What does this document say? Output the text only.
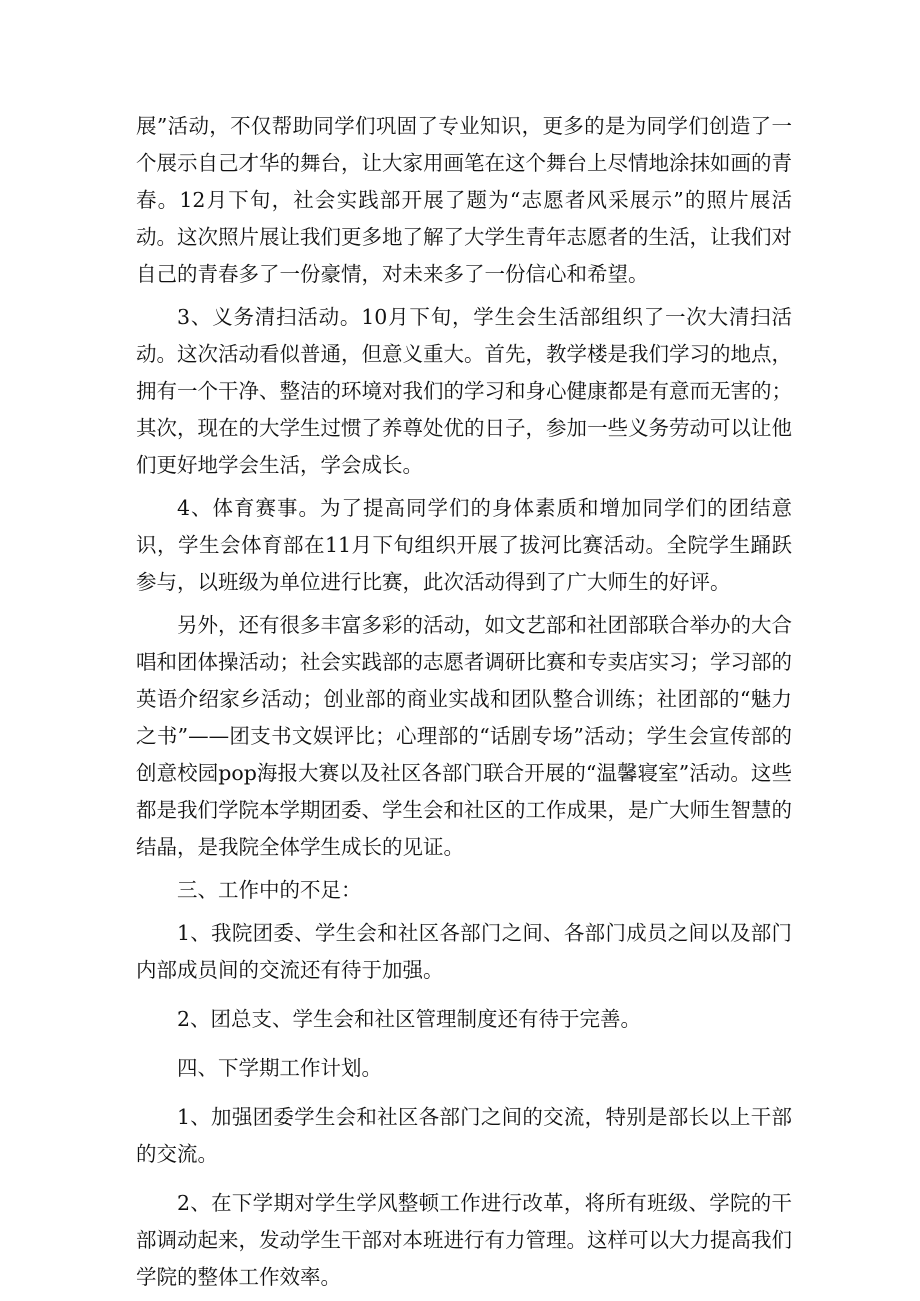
展”活动，不仅帮助同学们巩固了专业知识，更多的是为同学们创造了一个展示自己才华的舞台，让大家用画笔在这个舞台上尽情地涂抹如画的青春。12月下旬，社会实践部开展了题为“志愿者风采展示”的照片展活动。这次照片展让我们更多地了解了大学生青年志愿者的生活，让我们对自己的青春多了一份豪情，对未来多了一份信心和希望。

3、义务清扫活动。10月下旬，学生会生活部组织了一次大清扫活动。这次活动看似普通，但意义重大。首先，教学楼是我们学习的地点，拥有一个干净、整洁的环境对我们的学习和身心健康都是有意而无害的；其次，现在的大学生过惯了养尊处优的日子，参加一些义务劳动可以让他们更好地学会生活，学会成长。

4、体育赛事。为了提高同学们的身体素质和增加同学们的团结意识，学生会体育部在11月下旬组织开展了拔河比赛活动。全院学生踊跃参与，以班级为单位进行比赛，此次活动得到了广大师生的好评。

另外，还有很多丰富多彩的活动，如文艺部和社团部联合举办的大合唱和团体操活动；社会实践部的志愿者调研比赛和专卖店实习；学习部的英语介绍家乡活动；创业部的商业实战和团队整合训练；社团部的“魅力之书”——团支书文娱评比；心理部的“话剧专场”活动；学生会宣传部的创意校园pop海报大赛以及社区各部门联合开展的“温馨寝室”活动。这些都是我们学院本学期团委、学生会和社区的工作成果，是广大师生智慧的结晶，是我院全体学生成长的见证。

三、工作中的不足：

1、我院团委、学生会和社区各部门之间、各部门成员之间以及部门内部成员间的交流还有待于加强。

2、团总支、学生会和社区管理制度还有待于完善。

四、下学期工作计划。

1、加强团委学生会和社区各部门之间的交流，特别是部长以上干部的交流。

2、在下学期对学生学风整顿工作进行改革，将所有班级、学院的干部调动起来，发动学生干部对本班进行有力管理。这样可以大力提高我们学院的整体工作效率。
